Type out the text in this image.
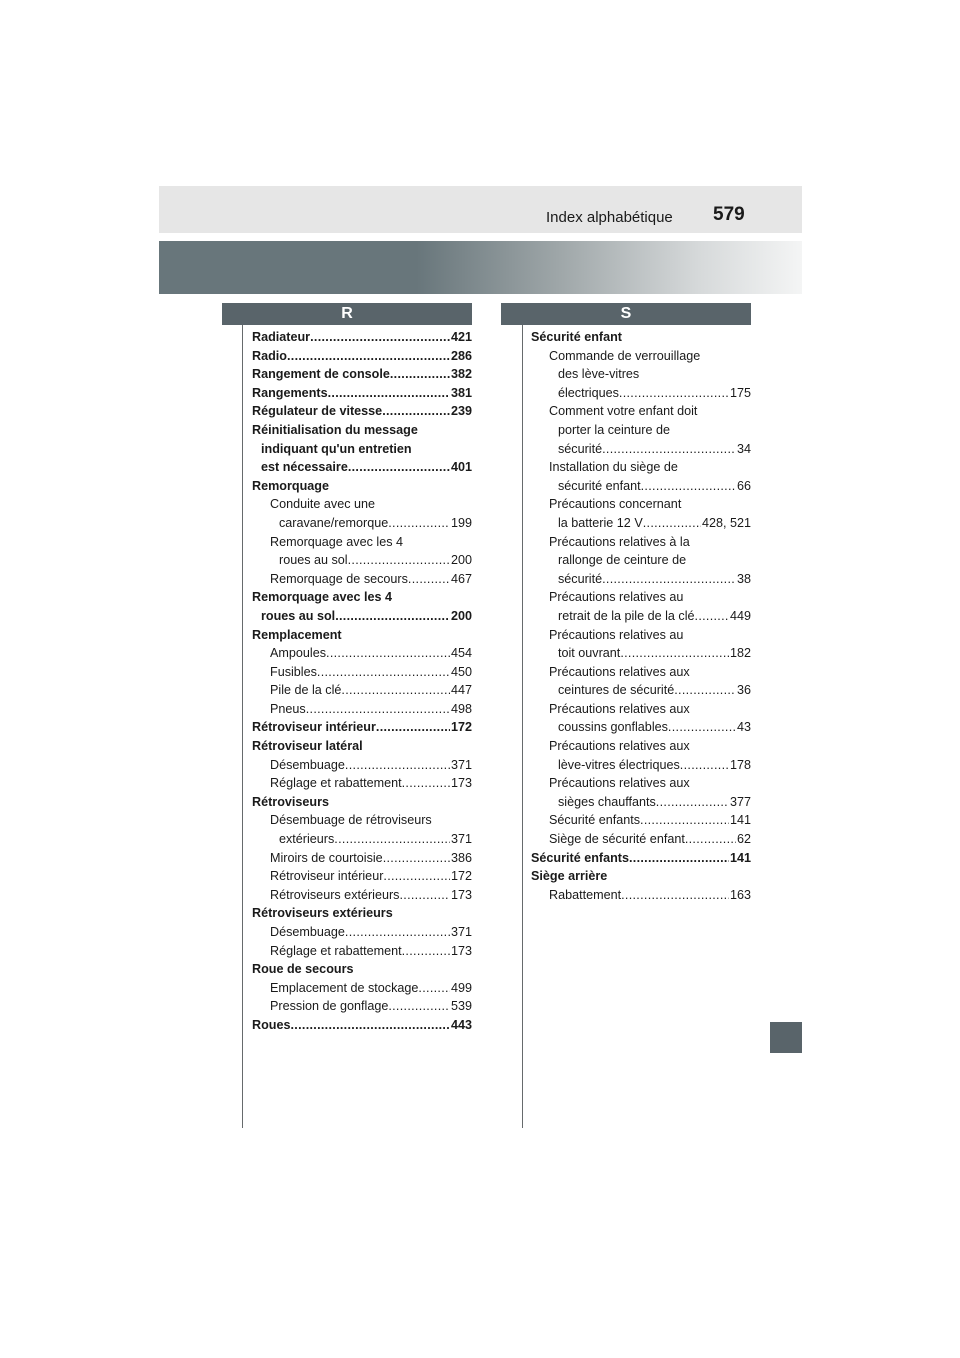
Index alphabétique 579
R	S
Radiateur . . .	421
Radio . . .	286
Rangement de console . . .	382
Rangements . . .	381
Régulateur de vitesse . . .	239
Réinitialisation du message
indiquant qu'un entretien
est nécessaire . . .	401
Remorquage
Conduite avec une
caravane/remorque . . .	199
Remorquage avec les 4
roues au sol . . .	200
Remorquage de secours . . .	467
Remorquage avec les 4
roues au sol . . .	200
Remplacement
Ampoules . . .	454
Fusibles . . .	450
Pile de la clé . . .	447
Pneus . . .	498
Rétroviseur intérieur . . .	172
Rétroviseur latéral
Désembuage . . .	371
Réglage et rabattement . . .	173
Rétroviseurs
Désembuage de rétroviseurs
extérieurs . . .	371
Miroirs de courtoisie . . .	386
Rétroviseur intérieur . . .	172
Rétroviseurs extérieurs . . .	173
Rétroviseurs extérieurs
Désembuage . . .	371
Réglage et rabattement . . .	173
Roue de secours
Emplacement de stockage . . .	499
Pression de gonflage . . .	539
Roues . . .	443
Sécurité enfant
Commande de verrouillage
des lève-vitres
électriques . . .	175
Comment votre enfant doit
porter la ceinture de
sécurité . . .	34
Installation du siège de
sécurité enfant . . .	66
Précautions concernant
la batterie 12 V . . .	428, 521
Précautions relatives à la
rallonge de ceinture de
sécurité . . .	38
Précautions relatives au
retrait de la pile de la clé . . .	449
Précautions relatives au
toit ouvrant . . .	182
Précautions relatives aux
ceintures de sécurité . . .	36
Précautions relatives aux
coussins gonflables . . .	43
Précautions relatives aux
lève-vitres électriques . . .	178
Précautions relatives aux
sièges chauffants . . .	377
Sécurité enfants . . .	141
Siège de sécurité enfant . . .	62
Sécurité enfants . . .	141
Siège arrière
Rabattement . . .	163
